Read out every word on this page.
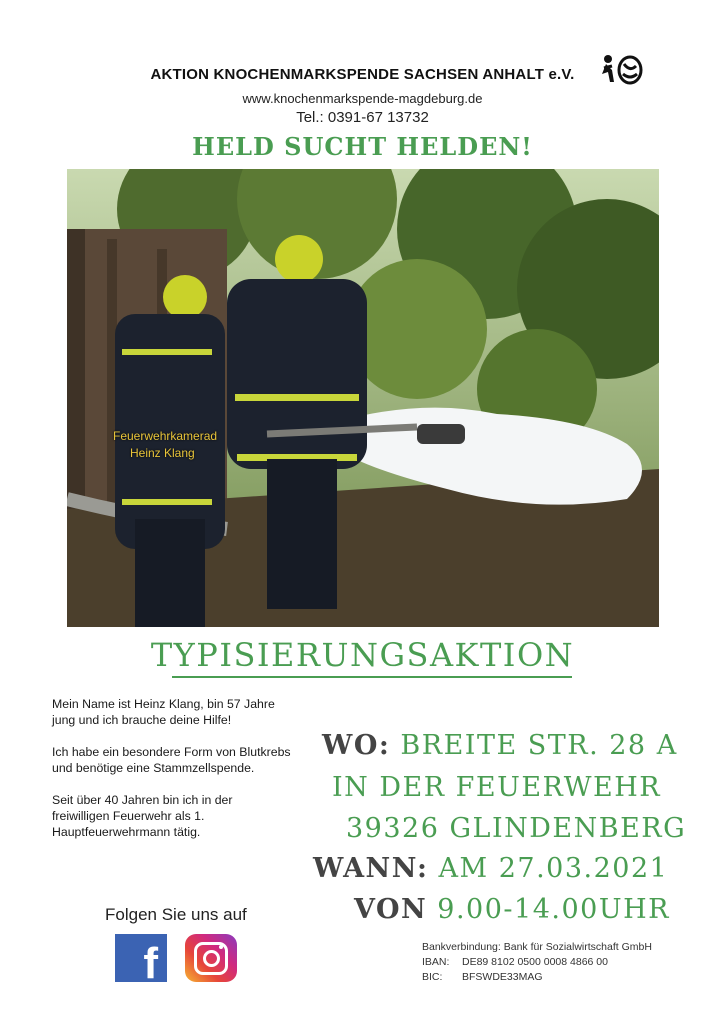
AKTION KNOCHENMARKSPENDE SACHSEN ANHALT e.V.
www.knochenmarkspende-magdeburg.de
Tel.: 0391-67 13732
HELD SUCHT HELDEN!
Feuerwehrkamerad
Heinz Klang
TYPISIERUNGSAKTION

Mein Name ist Heinz Klang, bin 57 Jahre jung und ich brauche deine Hilfe!

Ich habe ein besondere Form von Blutkrebs und benötige eine Stammzellspende.

Seit über 40 Jahren bin ich in der freiwilligen Feuerwehr als 1. Hauptfeuerwehrmann tätig.

Folgen Sie uns auf
f
WO: BREITE STR. 28 A
IN DER FEUERWEHR
39326 GLINDENBERG
WANN: AM 27.03.2021
VON 9.00-14.00UHR
Bankverbindung: Bank für Sozialwirtschaft GmbH
IBAN:	DE89 8102 0500 0008 4866 00
BIC:	BFSWDE33MAG
